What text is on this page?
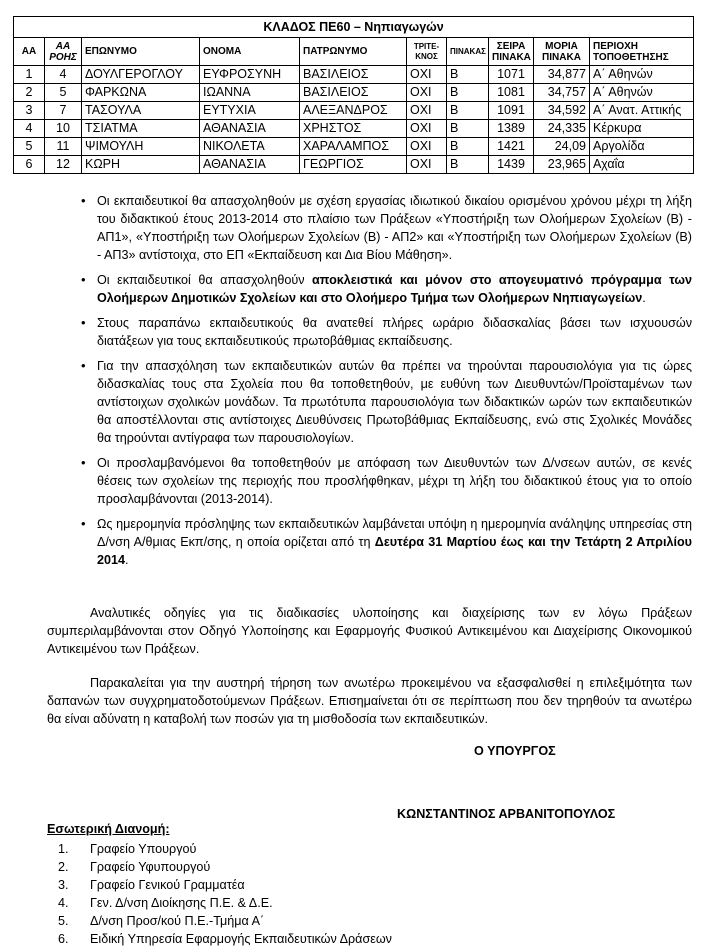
ΚΛΑΔΟΣ ΠΕ60 – Νηπιαγωγών									
ΑΑ	ΑΑ ΡΟΗΣ	ΕΠΩΝΥΜΟ	ΟΝΟΜΑ	ΠΑΤΡΩΝΥΜΟ	ΤΡΙΤΕ-ΚΝΟΣ	ΠΙΝΑΚΑΣ	ΣΕΙΡΑ ΠΙΝΑΚΑ	ΜΟΡΙΑ ΠΙΝΑΚΑ	ΠΕΡΙΟΧΗ ΤΟΠΟΘΕΤΗΣΗΣ
1	4	ΔΟΥΛΓΕΡΟΓΛΟΥ	ΕΥΦΡΟΣΥΝΗ	ΒΑΣΙΛΕΙΟΣ	ΟΧΙ	Β	1071	34,877	Α΄ Αθηνών
2	5	ΦΑΡΚΩΝΑ	ΙΩΑΝΝΑ	ΒΑΣΙΛΕΙΟΣ	ΟΧΙ	Β	1081	34,757	Α΄ Αθηνών
3	7	ΤΑΣΟΥΛΑ	ΕΥΤΥΧΙΑ	ΑΛΕΞΑΝΔΡΟΣ	ΟΧΙ	Β	1091	34,592	Α΄ Ανατ. Αττικής
4	10	ΤΣΙΑΤΜΑ	ΑΘΑΝΑΣΙΑ	ΧΡΗΣΤΟΣ	ΟΧΙ	Β	1389	24,335	Κέρκυρα
5	11	ΨΙΜΟΥΛΗ	ΝΙΚΟΛΕΤΑ	ΧΑΡΑΛΑΜΠΟΣ	ΟΧΙ	Β	1421	24,09	Αργολίδα
6	12	ΚΩΡΗ	ΑΘΑΝΑΣΙΑ	ΓΕΩΡΓΙΟΣ	ΟΧΙ	Β	1439	23,965	Αχαΐα
• Οι εκπαιδευτικοί θα απασχοληθούν με σχέση εργασίας ιδιωτικού δικαίου ορισμένου χρόνου μέχρι τη λήξη του διδακτικού έτους 2013-2014 στο πλαίσιο των Πράξεων «Υποστήριξη των Ολοήμερων Σχολείων (Β) - ΑΠ1», «Υποστήριξη των Ολοήμερων Σχολείων (Β) - ΑΠ2» και «Υποστήριξη των Ολοήμερων Σχολείων (Β) - ΑΠ3» αντίστοιχα, στο ΕΠ «Εκπαίδευση και Δια Βίου Μάθηση».
• Οι εκπαιδευτικοί θα απασχοληθούν αποκλειστικά και μόνον στο απογευματινό πρόγραμμα των Ολοήμερων Δημοτικών Σχολείων και στο Ολοήμερο Τμήμα των Ολοήμερων Νηπιαγωγείων.
• Στους παραπάνω εκπαιδευτικούς θα ανατεθεί πλήρες ωράριο διδασκαλίας βάσει των ισχυουσών διατάξεων για τους εκπαιδευτικούς πρωτοβάθμιας εκπαίδευσης.
• Για την απασχόληση των εκπαιδευτικών αυτών θα πρέπει να τηρούνται παρουσιολόγια για τις ώρες διδασκαλίας τους στα Σχολεία που θα τοποθετηθούν, με ευθύνη των Διευθυντών/Προϊσταμένων των αντίστοιχων σχολικών μονάδων. Τα πρωτότυπα παρουσιολόγια των διδακτικών ωρών των εκπαιδευτικών θα αποστέλλονται στις αντίστοιχες Διευθύνσεις Πρωτοβάθμιας Εκπαίδευσης, ενώ στις Σχολικές Μονάδες θα τηρούνται αντίγραφα των παρουσιολογίων.
• Οι προσλαμβανόμενοι θα τοποθετηθούν με απόφαση των Διευθυντών των Δ/νσεων αυτών, σε κενές θέσεις των σχολείων της περιοχής που προσλήφθηκαν, μέχρι τη λήξη του διδακτικού έτους για το οποίο προσλαμβάνονται (2013-2014).
• Ως ημερομηνία πρόσληψης των εκπαιδευτικών λαμβάνεται υπόψη η ημερομηνία ανάληψης υπηρεσίας στη Δ/νση Α/θμιας Εκπ/σης, η οποία ορίζεται από τη Δευτέρα 31 Μαρτίου έως και την Τετάρτη 2 Απριλίου 2014.

Αναλυτικές οδηγίες για τις διαδικασίες υλοποίησης και διαχείρισης των εν λόγω Πράξεων συμπεριλαμβάνονται στον Οδηγό Υλοποίησης και Εφαρμογής Φυσικού Αντικειμένου και Διαχείρισης Οικονομικού Αντικειμένου των Πράξεων.

Παρακαλείται για την αυστηρή τήρηση των ανωτέρω προκειμένου να εξασφαλισθεί η επιλεξιμότητα των δαπανών των συγχρηματοδοτούμενων Πράξεων. Επισημαίνεται ότι σε περίπτωση που δεν τηρηθούν τα ανωτέρω θα είναι αδύνατη η καταβολή των ποσών για τη μισθοδοσία των εκπαιδευτικών.

Ο ΥΠΟΥΡΓΟΣ
ΚΩΝΣΤΑΝΤΙΝΟΣ ΑΡΒΑΝΙΤΟΠΟΥΛΟΣ
Εσωτερική Διανομή:
1. Γραφείο Υπουργού
2. Γραφείο Υφυπουργού
3. Γραφείο Γενικού Γραμματέα
4. Γεν. Δ/νση Διοίκησης Π.Ε. & Δ.Ε.
5. Δ/νση Προσ/κού Π.Ε.-Τμήμα Α΄
6. Ειδική Υπηρεσία Εφαρμογής Εκπαιδευτικών Δράσεων
